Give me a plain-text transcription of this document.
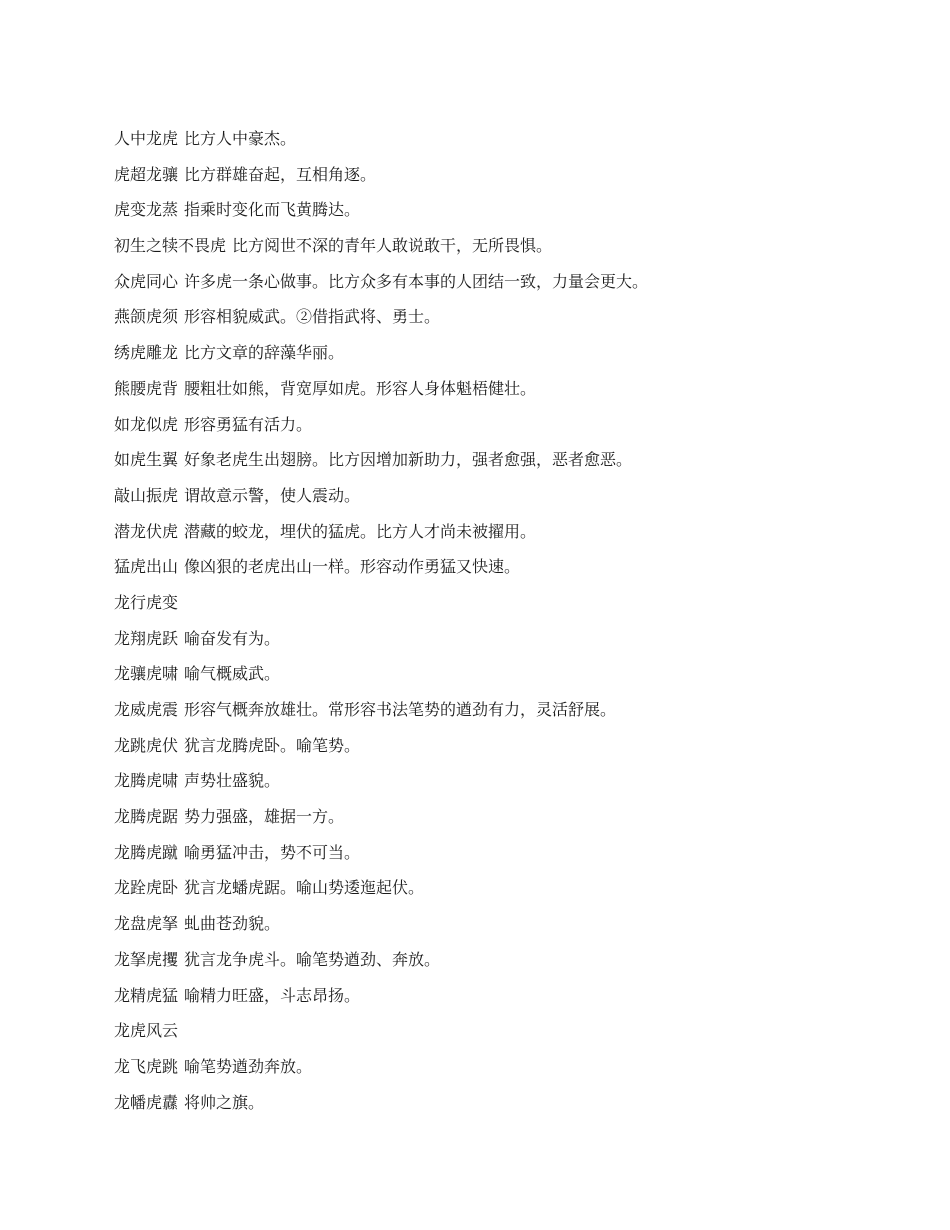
人中龙虎 比方人中豪杰。
虎超龙骧 比方群雄奋起，互相角逐。
虎变龙蒸 指乘时变化而飞黄腾达。
初生之犊不畏虎 比方阅世不深的青年人敢说敢干，无所畏惧。
众虎同心 许多虎一条心做事。比方众多有本事的人团结一致，力量会更大。
燕颌虎须 形容相貌威武。②借指武将、勇士。
绣虎雕龙 比方文章的辞藻华丽。
熊腰虎背 腰粗壮如熊，背宽厚如虎。形容人身体魁梧健壮。
如龙似虎 形容勇猛有活力。
如虎生翼 好象老虎生出翅膀。比方因增加新助力，强者愈强，恶者愈恶。
敲山振虎 谓故意示警，使人震动。
潜龙伏虎 潜藏的蛟龙，埋伏的猛虎。比方人才尚未被擢用。
猛虎出山 像凶狠的老虎出山一样。形容动作勇猛又快速。
龙行虎变
龙翔虎跃 喻奋发有为。
龙骧虎啸 喻气概威武。
龙威虎震 形容气概奔放雄壮。常形容书法笔势的遒劲有力，灵活舒展。
龙跳虎伏 犹言龙腾虎卧。喻笔势。
龙腾虎啸 声势壮盛貌。
龙腾虎踞 势力强盛，雄据一方。
龙腾虎蹴 喻勇猛冲击，势不可当。
龙跧虎卧 犹言龙蟠虎踞。喻山势逶迤起伏。
龙盘虎拏 虬曲苍劲貌。
龙拏虎攫 犹言龙争虎斗。喻笔势遒劲、奔放。
龙精虎猛 喻精力旺盛，斗志昂扬。
龙虎风云
龙飞虎跳 喻笔势遒劲奔放。
龙幡虎纛 将帅之旗。
